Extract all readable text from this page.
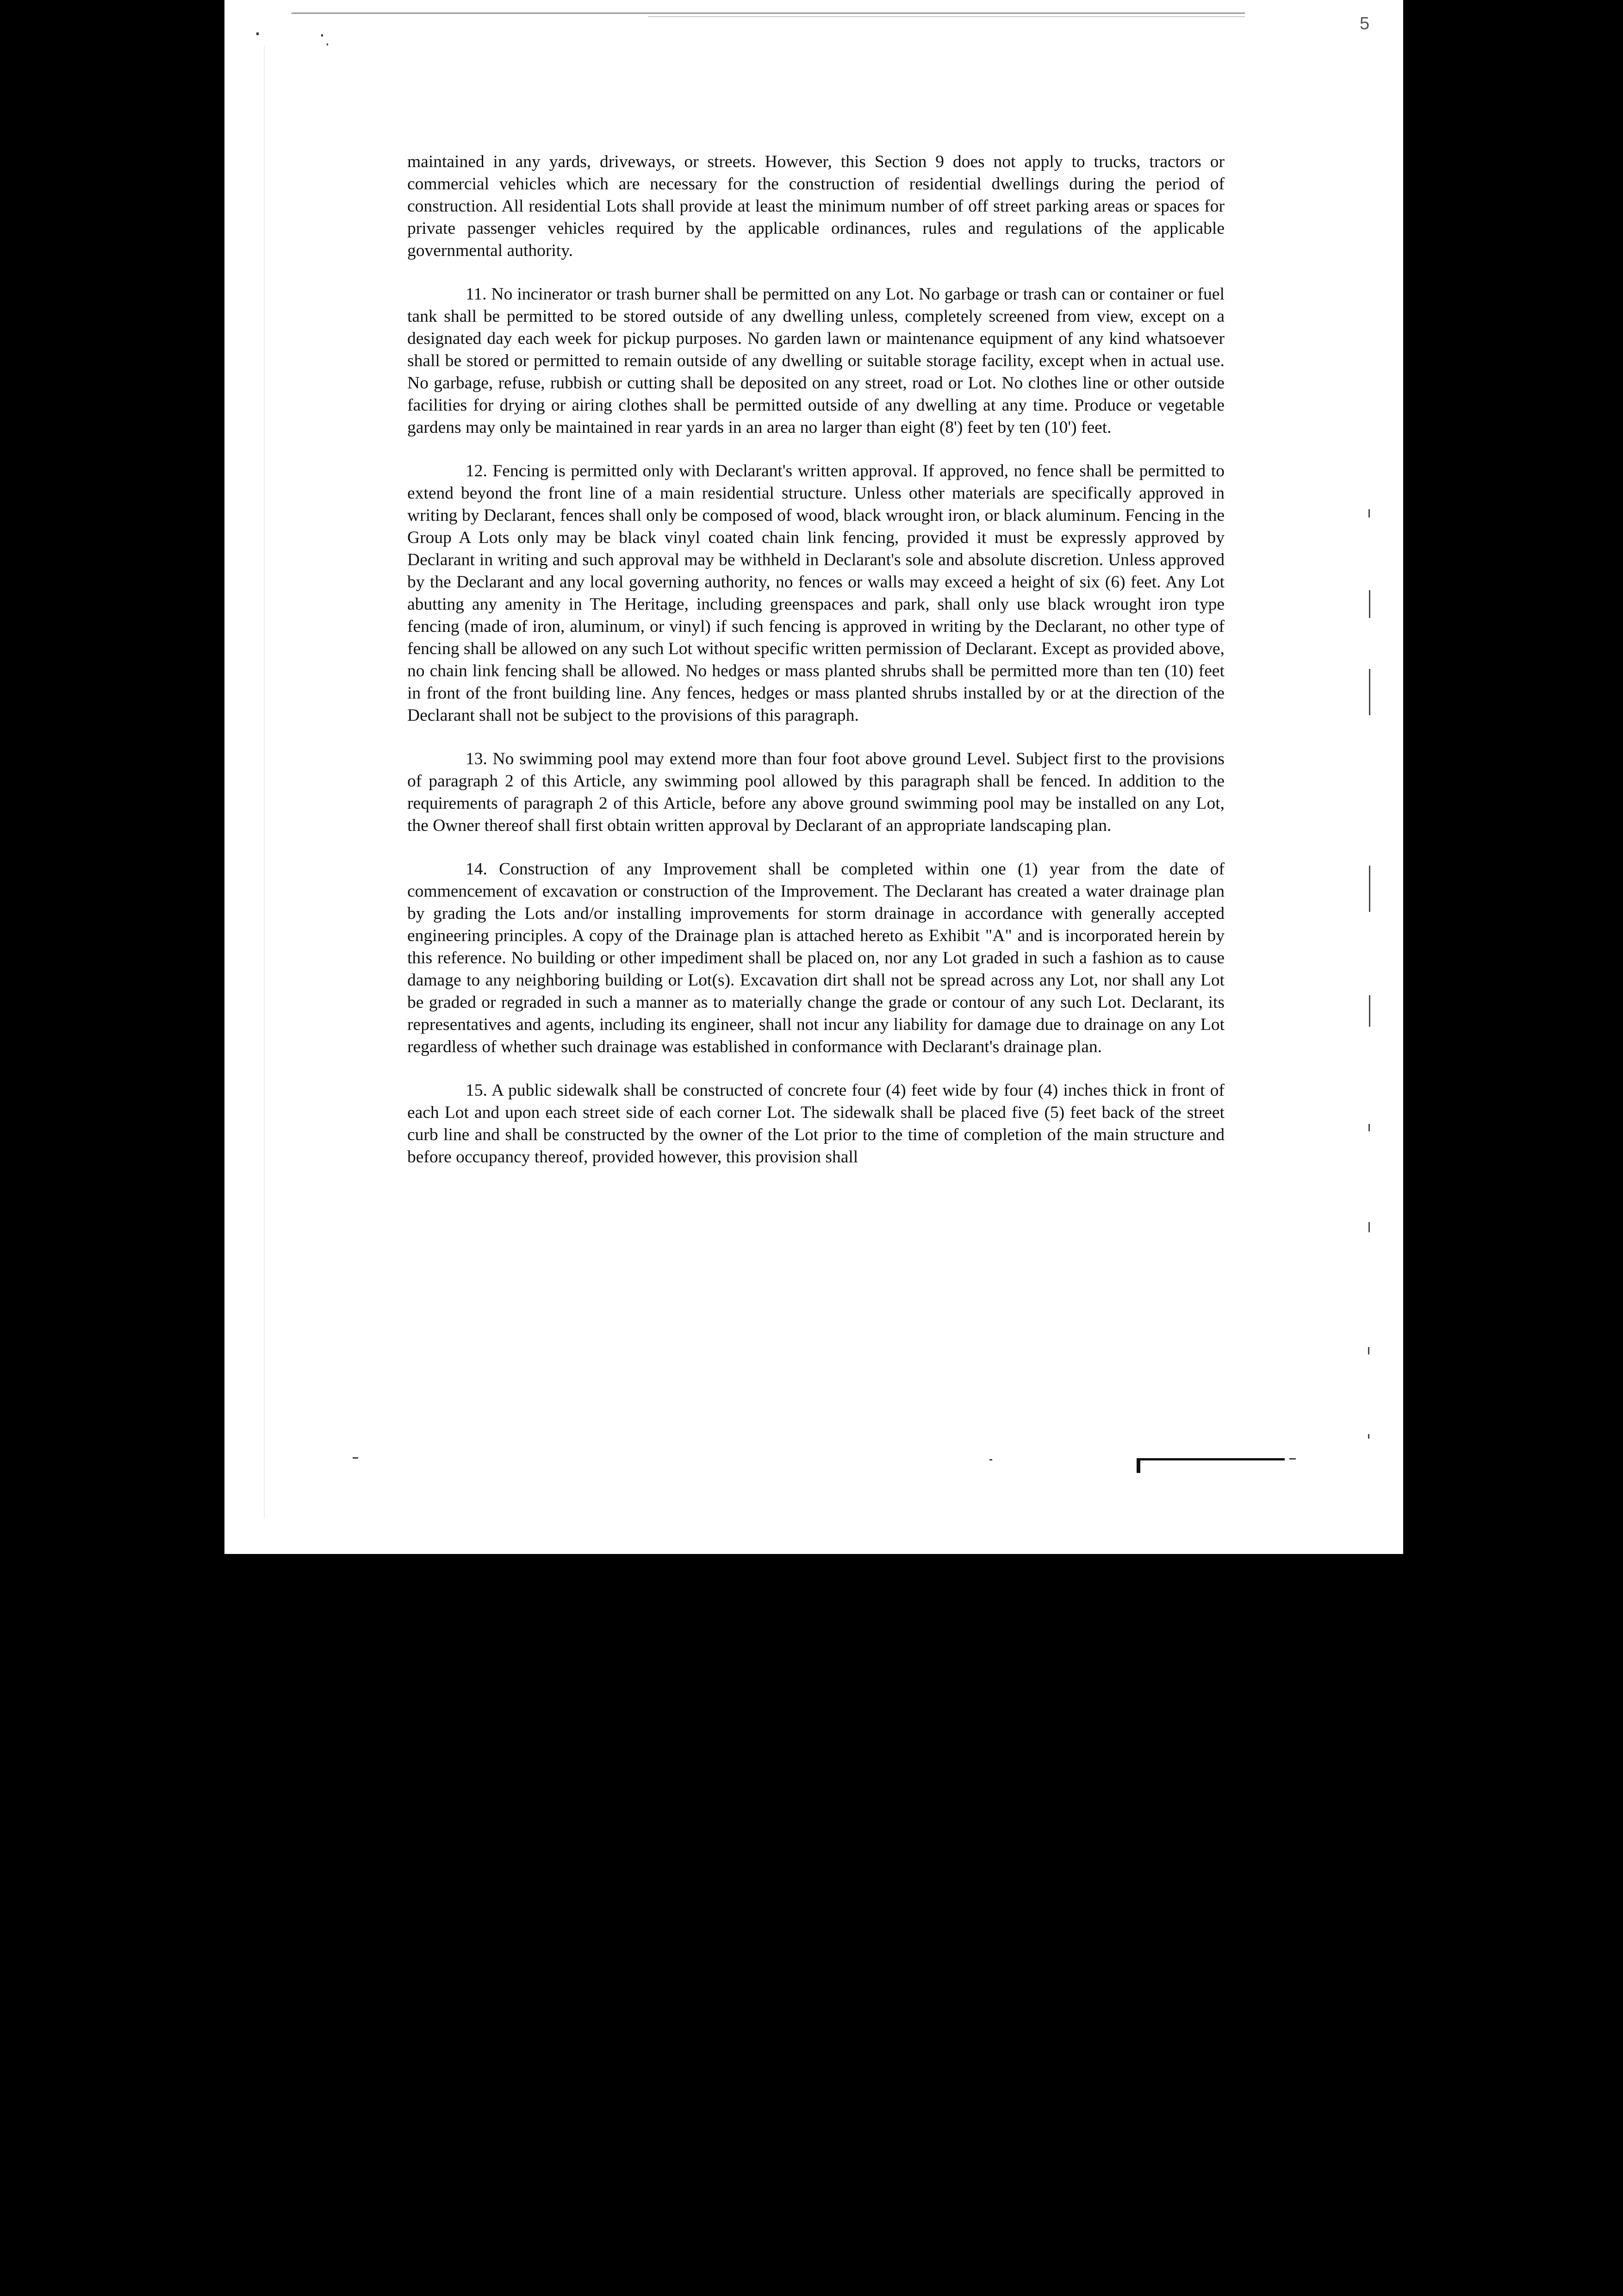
5

maintained in any yards, driveways, or streets. However, this Section 9 does not apply to trucks, tractors or commercial vehicles which are necessary for the construction of residential dwellings during the period of construction. All residential Lots shall provide at least the minimum number of off street parking areas or spaces for private passenger vehicles required by the applicable ordinances, rules and regulations of the applicable governmental authority.

11. No incinerator or trash burner shall be permitted on any Lot. No garbage or trash can or container or fuel tank shall be permitted to be stored outside of any dwelling unless, completely screened from view, except on a designated day each week for pickup purposes. No garden lawn or maintenance equipment of any kind whatsoever shall be stored or permitted to remain outside of any dwelling or suitable storage facility, except when in actual use. No garbage, refuse, rubbish or cutting shall be deposited on any street, road or Lot. No clothes line or other outside facilities for drying or airing clothes shall be permitted outside of any dwelling at any time. Produce or vegetable gardens may only be maintained in rear yards in an area no larger than eight (8') feet by ten (10') feet.

12. Fencing is permitted only with Declarant's written approval. If approved, no fence shall be permitted to extend beyond the front line of a main residential structure. Unless other materials are specifically approved in writing by Declarant, fences shall only be composed of wood, black wrought iron, or black aluminum. Fencing in the Group A Lots only may be black vinyl coated chain link fencing, provided it must be expressly approved by Declarant in writing and such approval may be withheld in Declarant's sole and absolute discretion. Unless approved by the Declarant and any local governing authority, no fences or walls may exceed a height of six (6) feet. Any Lot abutting any amenity in The Heritage, including greenspaces and park, shall only use black wrought iron type fencing (made of iron, aluminum, or vinyl) if such fencing is approved in writing by the Declarant, no other type of fencing shall be allowed on any such Lot without specific written permission of Declarant. Except as provided above, no chain link fencing shall be allowed. No hedges or mass planted shrubs shall be permitted more than ten (10) feet in front of the front building line. Any fences, hedges or mass planted shrubs installed by or at the direction of the Declarant shall not be subject to the provisions of this paragraph.

13. No swimming pool may extend more than four foot above ground Level. Subject first to the provisions of paragraph 2 of this Article, any swimming pool allowed by this paragraph shall be fenced. In addition to the requirements of paragraph 2 of this Article, before any above ground swimming pool may be installed on any Lot, the Owner thereof shall first obtain written approval by Declarant of an appropriate landscaping plan.

14. Construction of any Improvement shall be completed within one (1) year from the date of commencement of excavation or construction of the Improvement. The Declarant has created a water drainage plan by grading the Lots and/or installing improvements for storm drainage in accordance with generally accepted engineering principles. A copy of the Drainage plan is attached hereto as Exhibit "A" and is incorporated herein by this reference. No building or other impediment shall be placed on, nor any Lot graded in such a fashion as to cause damage to any neighboring building or Lot(s). Excavation dirt shall not be spread across any Lot, nor shall any Lot be graded or regraded in such a manner as to materially change the grade or contour of any such Lot. Declarant, its representatives and agents, including its engineer, shall not incur any liability for damage due to drainage on any Lot regardless of whether such drainage was established in conformance with Declarant's drainage plan.

15. A public sidewalk shall be constructed of concrete four (4) feet wide by four (4) inches thick in front of each Lot and upon each street side of each corner Lot. The sidewalk shall be placed five (5) feet back of the street curb line and shall be constructed by the owner of the Lot prior to the time of completion of the main structure and before occupancy thereof, provided however, this provision shall
